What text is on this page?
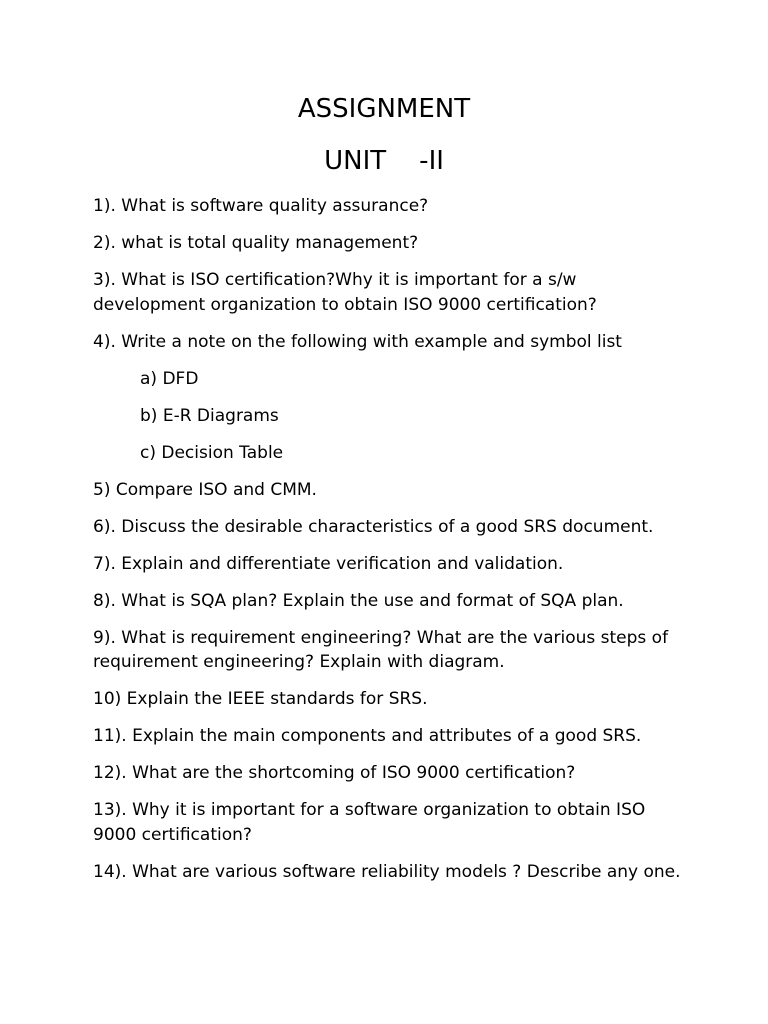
ASSIGNMENT
UNIT    -II
1). What is software quality assurance?
2). what is total quality management?
3). What is ISO certification?Why it is important for a s/w development organization to obtain ISO 9000 certification?
4). Write a note on the following with example and symbol list
a) DFD
b) E-R Diagrams
c) Decision Table
5) Compare ISO and CMM.
6). Discuss the desirable characteristics of a good SRS document.
7). Explain and differentiate verification and validation.
8). What is SQA plan? Explain the use and format of SQA plan.
9). What is requirement engineering? What are the various steps of requirement engineering? Explain with diagram.
10) Explain the IEEE standards for SRS.
11). Explain the main components and attributes of a good SRS.
12). What are the shortcoming of ISO 9000 certification?
13). Why it is important for a software organization to obtain ISO 9000 certification?
14). What are various software reliability models ? Describe any one.
